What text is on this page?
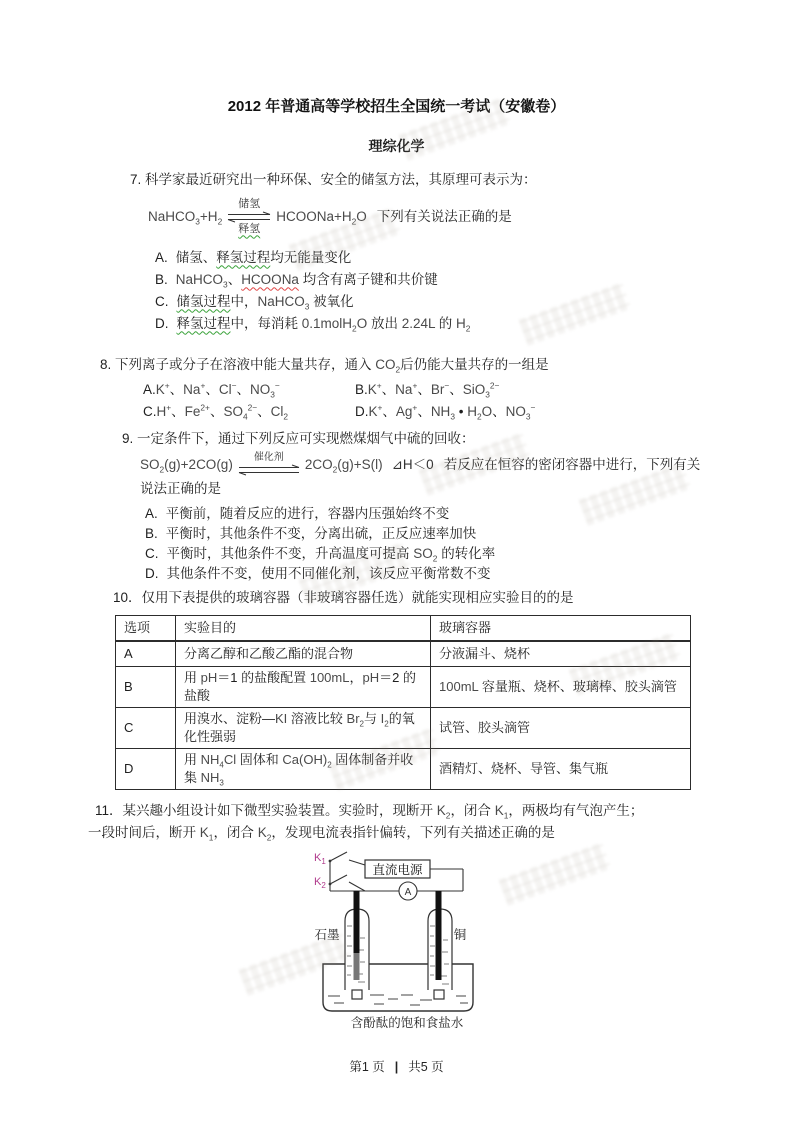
2012 年普通高等学校招生全国统一考试（安徽卷）
理综化学
7. 科学家最近研究出一种环保、安全的储氢方法，其原理可表示为：
$NaHCO_3+H_2$
储氢
释氢
$HCOONa+H_2O$ 下列有关说法正确的是
A. 储氢、释氢过程均无能量变化
B. NaHCO$_3$、HCOONa 均含有离子键和共价键
C. 储氢过程中，NaHCO$_3$ 被氧化
D. 释氢过程中，每消耗 0.1molH$_2$O 放出 2.24L 的 $H_2$
8. 下列离子或分子在溶液中能大量共存，通入 $CO_2$后仍能大量共存的一组是
A.K+、Na+、Cl−、$NO_3^-$	B.K+、Na+、Br−、SiO$_3^{2-}$
C.H+、$Fe^{2+}$、$SO_4^{2-}$、$Cl_2$	D.K+、Ag+、$NH_3$ • $H_2O$、$NO_3^-$
9. 一定条件下，通过下列反应可实现燃煤烟气中硫的回收：
$SO_2(g)+2CO(g)$ 催化剂 $2CO_2(g)+S(l)$ ⊿H＜0 若反应在恒容的密闭容器中进行，下列有关
说法正确的是
A. 平衡前，随着反应的进行，容器内压强始终不变
B. 平衡时，其他条件不变，分离出硫，正反应速率加快
C. 平衡时，其他条件不变，升高温度可提高 $SO_2$ 的转化率
D. 其他条件不变，使用不同催化剂，该反应平衡常数不变
10．仅用下表提供的玻璃容器（非玻璃容器任选）就能实现相应实验目的的是
选项	实验目的	玻璃容器
A	分离乙醇和乙酸乙酯的混合物	分液漏斗、烧杯
B	用 pH＝1 的盐酸配置 100mL，pH＝2 的盐酸	100mL 容量瓶、烧杯、玻璃棒、胶头滴管
C	用溴水、淀粉—KI 溶液比较 $Br_2$与 $I_2$的氧化性强弱	试管、胶头滴管
D	用 $NH_4Cl$ 固体和 $Ca(OH)_2$ 固体制备并收集 $NH_3$	酒精灯、烧杯、导管、集气瓶
11．某兴趣小组设计如下微型实验装置。实验时，现断开 $K_2$，闭合 $K_1$，两极均有气泡产生；
一段时间后，断开 $K_1$，闭合 $K_2$，发现电流表指针偏转，下列有关描述正确的是
$K_1$
$K_2$
直流电源
A
石墨	铜
含酚酞的饱和食盐水
第1 页 | 共5 页
